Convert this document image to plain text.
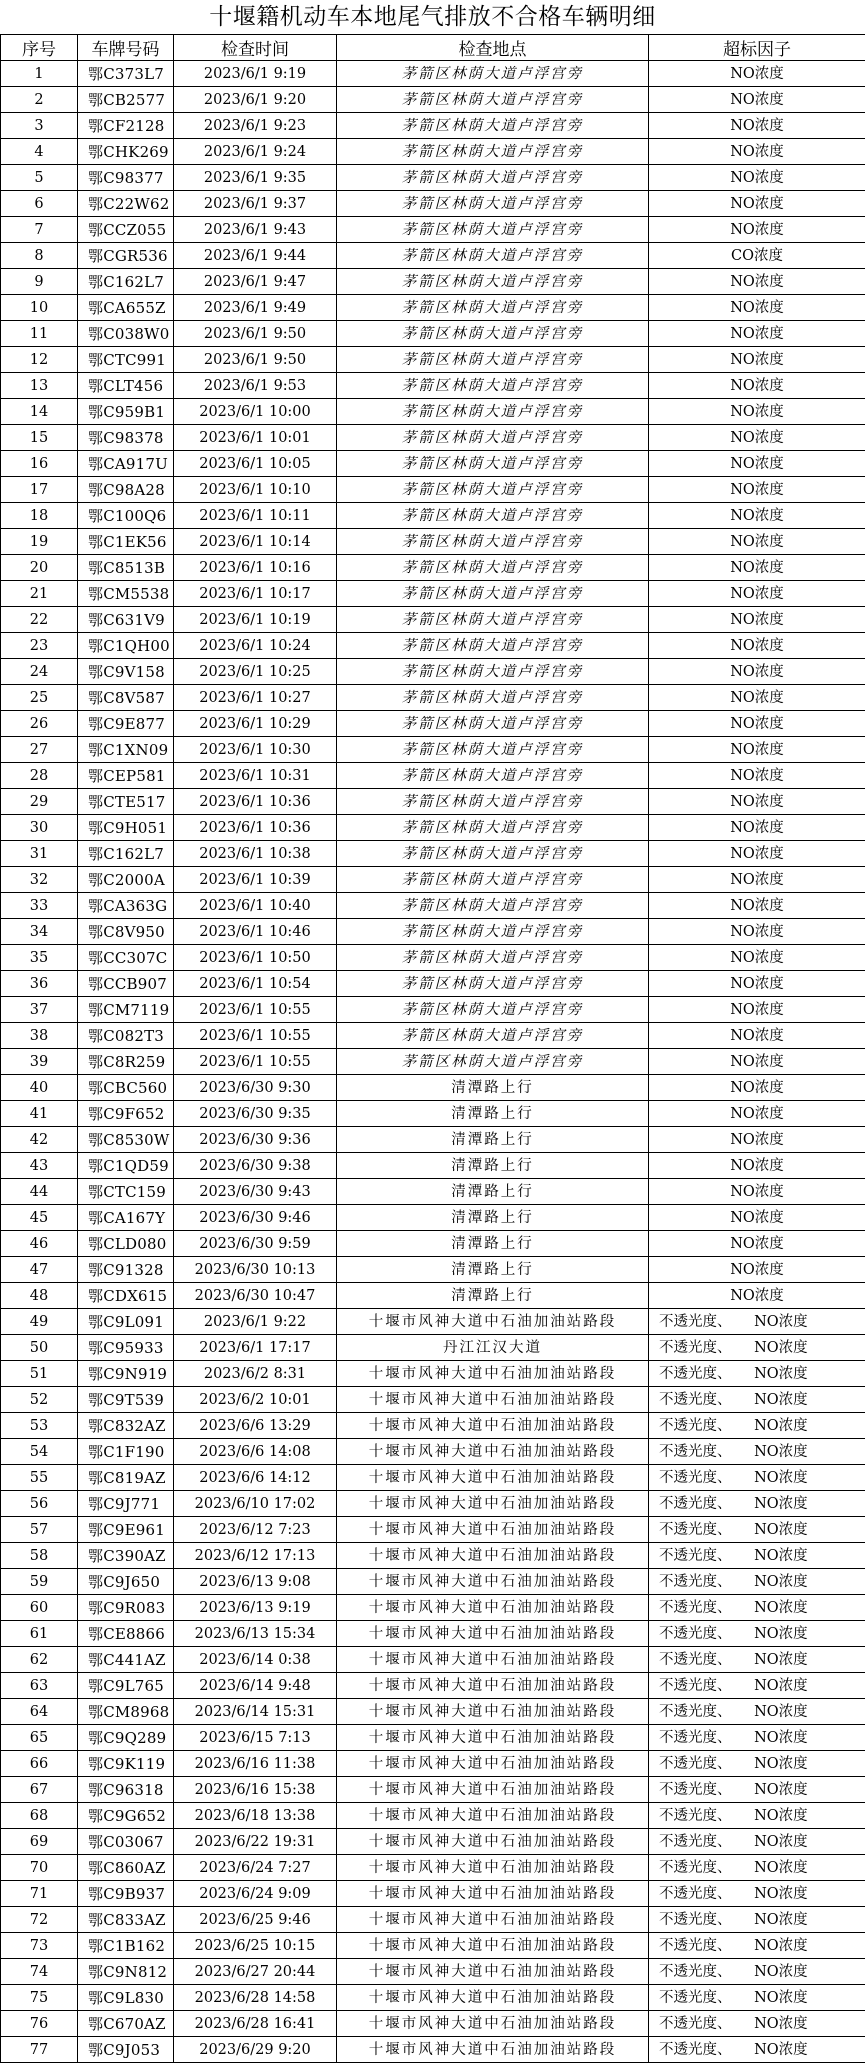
十堰籍机动车本地尾气排放不合格车辆明细
序号	车牌号码	检查时间	检查地点	超标因子
1	鄂C373L7	2023/6/1 9:19	茅箭区林荫大道卢浮宫旁	NO浓度
2	鄂CB2577	2023/6/1 9:20	茅箭区林荫大道卢浮宫旁	NO浓度
3	鄂CF2128	2023/6/1 9:23	茅箭区林荫大道卢浮宫旁	NO浓度
4	鄂CHK269	2023/6/1 9:24	茅箭区林荫大道卢浮宫旁	NO浓度
5	鄂C98377	2023/6/1 9:35	茅箭区林荫大道卢浮宫旁	NO浓度
6	鄂C22W62	2023/6/1 9:37	茅箭区林荫大道卢浮宫旁	NO浓度
7	鄂CCZ055	2023/6/1 9:43	茅箭区林荫大道卢浮宫旁	NO浓度
8	鄂CGR536	2023/6/1 9:44	茅箭区林荫大道卢浮宫旁	CO浓度
9	鄂C162L7	2023/6/1 9:47	茅箭区林荫大道卢浮宫旁	NO浓度
10	鄂CA655Z	2023/6/1 9:49	茅箭区林荫大道卢浮宫旁	NO浓度
11	鄂C038W0	2023/6/1 9:50	茅箭区林荫大道卢浮宫旁	NO浓度
12	鄂CTC991	2023/6/1 9:50	茅箭区林荫大道卢浮宫旁	NO浓度
13	鄂CLT456	2023/6/1 9:53	茅箭区林荫大道卢浮宫旁	NO浓度
14	鄂C959B1	2023/6/1 10:00	茅箭区林荫大道卢浮宫旁	NO浓度
15	鄂C98378	2023/6/1 10:01	茅箭区林荫大道卢浮宫旁	NO浓度
16	鄂CA917U	2023/6/1 10:05	茅箭区林荫大道卢浮宫旁	NO浓度
17	鄂C98A28	2023/6/1 10:10	茅箭区林荫大道卢浮宫旁	NO浓度
18	鄂C100Q6	2023/6/1 10:11	茅箭区林荫大道卢浮宫旁	NO浓度
19	鄂C1EK56	2023/6/1 10:14	茅箭区林荫大道卢浮宫旁	NO浓度
20	鄂C8513B	2023/6/1 10:16	茅箭区林荫大道卢浮宫旁	NO浓度
21	鄂CM5538	2023/6/1 10:17	茅箭区林荫大道卢浮宫旁	NO浓度
22	鄂C631V9	2023/6/1 10:19	茅箭区林荫大道卢浮宫旁	NO浓度
23	鄂C1QH00	2023/6/1 10:24	茅箭区林荫大道卢浮宫旁	NO浓度
24	鄂C9V158	2023/6/1 10:25	茅箭区林荫大道卢浮宫旁	NO浓度
25	鄂C8V587	2023/6/1 10:27	茅箭区林荫大道卢浮宫旁	NO浓度
26	鄂C9E877	2023/6/1 10:29	茅箭区林荫大道卢浮宫旁	NO浓度
27	鄂C1XN09	2023/6/1 10:30	茅箭区林荫大道卢浮宫旁	NO浓度
28	鄂CEP581	2023/6/1 10:31	茅箭区林荫大道卢浮宫旁	NO浓度
29	鄂CTE517	2023/6/1 10:36	茅箭区林荫大道卢浮宫旁	NO浓度
30	鄂C9H051	2023/6/1 10:36	茅箭区林荫大道卢浮宫旁	NO浓度
31	鄂C162L7	2023/6/1 10:38	茅箭区林荫大道卢浮宫旁	NO浓度
32	鄂C2000A	2023/6/1 10:39	茅箭区林荫大道卢浮宫旁	NO浓度
33	鄂CA363G	2023/6/1 10:40	茅箭区林荫大道卢浮宫旁	NO浓度
34	鄂C8V950	2023/6/1 10:46	茅箭区林荫大道卢浮宫旁	NO浓度
35	鄂CC307C	2023/6/1 10:50	茅箭区林荫大道卢浮宫旁	NO浓度
36	鄂CCB907	2023/6/1 10:54	茅箭区林荫大道卢浮宫旁	NO浓度
37	鄂CM7119	2023/6/1 10:55	茅箭区林荫大道卢浮宫旁	NO浓度
38	鄂C082T3	2023/6/1 10:55	茅箭区林荫大道卢浮宫旁	NO浓度
39	鄂C8R259	2023/6/1 10:55	茅箭区林荫大道卢浮宫旁	NO浓度
40	鄂CBC560	2023/6/30 9:30	清潭路上行	NO浓度
41	鄂C9F652	2023/6/30 9:35	清潭路上行	NO浓度
42	鄂C8530W	2023/6/30 9:36	清潭路上行	NO浓度
43	鄂C1QD59	2023/6/30 9:38	清潭路上行	NO浓度
44	鄂CTC159	2023/6/30 9:43	清潭路上行	NO浓度
45	鄂CA167Y	2023/6/30 9:46	清潭路上行	NO浓度
46	鄂CLD080	2023/6/30 9:59	清潭路上行	NO浓度
47	鄂C91328	2023/6/30 10:13	清潭路上行	NO浓度
48	鄂CDX615	2023/6/30 10:47	清潭路上行	NO浓度
49	鄂C9L091	2023/6/1 9:22	十堰市风神大道中石油加油站路段	不透光度、 NO浓度
50	鄂C95933	2023/6/1 17:17	丹江江汉大道	不透光度、 NO浓度
51	鄂C9N919	2023/6/2 8:31	十堰市风神大道中石油加油站路段	不透光度、 NO浓度
52	鄂C9T539	2023/6/2 10:01	十堰市风神大道中石油加油站路段	不透光度、 NO浓度
53	鄂C832AZ	2023/6/6 13:29	十堰市风神大道中石油加油站路段	不透光度、 NO浓度
54	鄂C1F190	2023/6/6 14:08	十堰市风神大道中石油加油站路段	不透光度、 NO浓度
55	鄂C819AZ	2023/6/6 14:12	十堰市风神大道中石油加油站路段	不透光度、 NO浓度
56	鄂C9J771	2023/6/10 17:02	十堰市风神大道中石油加油站路段	不透光度、 NO浓度
57	鄂C9E961	2023/6/12 7:23	十堰市风神大道中石油加油站路段	不透光度、 NO浓度
58	鄂C390AZ	2023/6/12 17:13	十堰市风神大道中石油加油站路段	不透光度、 NO浓度
59	鄂C9J650	2023/6/13 9:08	十堰市风神大道中石油加油站路段	不透光度、 NO浓度
60	鄂C9R083	2023/6/13 9:19	十堰市风神大道中石油加油站路段	不透光度、 NO浓度
61	鄂CE8866	2023/6/13 15:34	十堰市风神大道中石油加油站路段	不透光度、 NO浓度
62	鄂C441AZ	2023/6/14 0:38	十堰市风神大道中石油加油站路段	不透光度、 NO浓度
63	鄂C9L765	2023/6/14 9:48	十堰市风神大道中石油加油站路段	不透光度、 NO浓度
64	鄂CM8968	2023/6/14 15:31	十堰市风神大道中石油加油站路段	不透光度、 NO浓度
65	鄂C9Q289	2023/6/15 7:13	十堰市风神大道中石油加油站路段	不透光度、 NO浓度
66	鄂C9K119	2023/6/16 11:38	十堰市风神大道中石油加油站路段	不透光度、 NO浓度
67	鄂C96318	2023/6/16 15:38	十堰市风神大道中石油加油站路段	不透光度、 NO浓度
68	鄂C9G652	2023/6/18 13:38	十堰市风神大道中石油加油站路段	不透光度、 NO浓度
69	鄂C03067	2023/6/22 19:31	十堰市风神大道中石油加油站路段	不透光度、 NO浓度
70	鄂C860AZ	2023/6/24 7:27	十堰市风神大道中石油加油站路段	不透光度、 NO浓度
71	鄂C9B937	2023/6/24 9:09	十堰市风神大道中石油加油站路段	不透光度、 NO浓度
72	鄂C833AZ	2023/6/25 9:46	十堰市风神大道中石油加油站路段	不透光度、 NO浓度
73	鄂C1B162	2023/6/25 10:15	十堰市风神大道中石油加油站路段	不透光度、 NO浓度
74	鄂C9N812	2023/6/27 20:44	十堰市风神大道中石油加油站路段	不透光度、 NO浓度
75	鄂C9L830	2023/6/28 14:58	十堰市风神大道中石油加油站路段	不透光度、 NO浓度
76	鄂C670AZ	2023/6/28 16:41	十堰市风神大道中石油加油站路段	不透光度、 NO浓度
77	鄂C9J053	2023/6/29 9:20	十堰市风神大道中石油加油站路段	不透光度、 NO浓度
